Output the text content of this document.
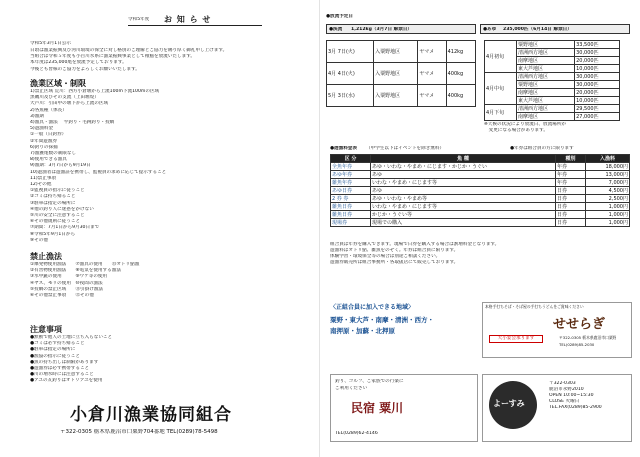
令和5年度 お 知 ら せ
令和5年3月1日公示
日頃は漁業振興及び河川環境の保全に対し格別のご理解とご協力を賜り厚く御礼申し上げます。
当組合は令和５年度も小百川水系に漁業振興事業として稚鮎を放流いたします。
本年度は235,000尾を放流予定しております。
今後とも皆様のご協力をよろしくお願いいたします。
漁業区域・制限
1)禁止区域 荒川：西方小倉堰から上流100m下流100mの区域
黒磯川及びその支流（上田堰堤）
大芦川：引田中の堰下から上流の区域
2)各魚種（体長）
3)漁期
4)漁具・漁法　 竿釣り・毛鉤釣り・投網
5)遊漁料金
①一般（日釣券）
②年間遊漁券
6)釣りの採捕
7)漁獲尾数の制限なし
8)使用できる漁具
9)漁期：3月7日から9月19日
10)遊漁者は遊漁証を携帯し、監視員の求めに応じて提示すること
11)禁止事項
12)その他
①監視員の指示に従うこと
②ゴミは持ち帰ること
③駐車は指定の場所に
④他の釣り人に迷惑をかけない
⑤川の安全に注意すること
⑥その他規則に従うこと
⑦期間：7月1日から9月30日まで
⑧令和5年9月1日から
⑨その他
禁止漁法
①爆発物使用漁法　　⑦漁具の使用　　⑬オトリ鮎漁
②有害物使用漁法　　⑧電気を使用する漁法
③水中銃の使用　　　⑨ウケ等の使用
④ヤス、モリの使用　⑩夜間の漁法
⑤投網の禁止区域　　⑪引掛け漁法
⑥その他禁止事項　　⑫その他
注意事項
●無断で他人の土地に立ち入らないこと
●ゴミは必ず持ち帰ること
●駐車は指定の場所に
●漁協の指示に従うこと
●魚の持ち出しは制限があります
●遊漁券は必ず携帯すること
●川の増水時には注意すること
●アユの友釣りはオトリアユを使用
小倉川漁業協同組合
〒322-0305 栃木県鹿沼市口粟野704番地 TEL(0289)78-5498
●放流予定日
●渓流 1,212kg（3月7日 解禁日）
3月 7日(火)	入粟野地区	ヤマメ	412kg
4月 4日(火)	入粟野地区	ヤマメ	400kg
5月 3日(水)	入粟野地区	ヤマメ	400kg
●あゆ 235,000匹（6月14日 解禁日）
4月初旬	粟野地区	33,500匹
	清洲西方地区	30,000匹
	南摩地区	20,000匹
	東大芦地区	10,000匹
4月中旬	清洲西方地区	30,000匹
	粟野地区	30,000匹
	南摩地区	20,000匹
	東大芦地区	10,000匹
4月下旬	清洲西方地区	29,500匹
	南摩地区	27,000匹
※天候の状況により放流日、放流場所が
　変更になる場合があります。
●遊漁料金表 （中学生以下はイベントを除き無料）	●年券は組合員の方に限ります
区 分	魚 種	種別	入漁料
全魚年券	あゆ・いわな・やまめ・にじます・かじか・うぐい	年券	18,000円
あゆ年券	あゆ	年券	13,000円
雑魚年券	いわな・やまめ・にじます等	年券	7,000円
あゆ日券	あゆ	日券	4,500円
2 券 券	あゆ・いわな・やまめ等	日券	2,500円
雑魚日券	いわな・やまめ・にじます等	日券	1,000円
雑魚日券	かじか・うぐい等	日券	1,000円
現場券	現場での購入	日券	1,000円
組合員は年券を購入できます。現場で日券を購入する場合は割増料金となります。
遊漁料はオトリ鮎、雑魚をのぞく。年券は組合員に限ります。
体験学習・環境保全等の場合は別途ご相談ください。
遊漁券販売所は組合事務所・各取扱店にて販売しております。
〈正組合員に加入できる地域〉
粟野・東大芦・南摩・清洲・西方・
南押原・加蘇・北押原
本格手打ちそば・そば屋の手打ちうどんをご賞味ください
せせらぎ
大小宴会承ります	〒322-0305 栃木県鹿沼市口粟野
TEL(0289)85-2030
釣り、ゴルフ、ご家族での行楽に
ご利用ください
民宿 粟川
TEL(0289)62-4146
よーすみ
〒322-0303
鹿沼市永野2010
OPEN 10:00~15:30
CLOSE 火曜日
TEL.FAX(0289)85-2900
